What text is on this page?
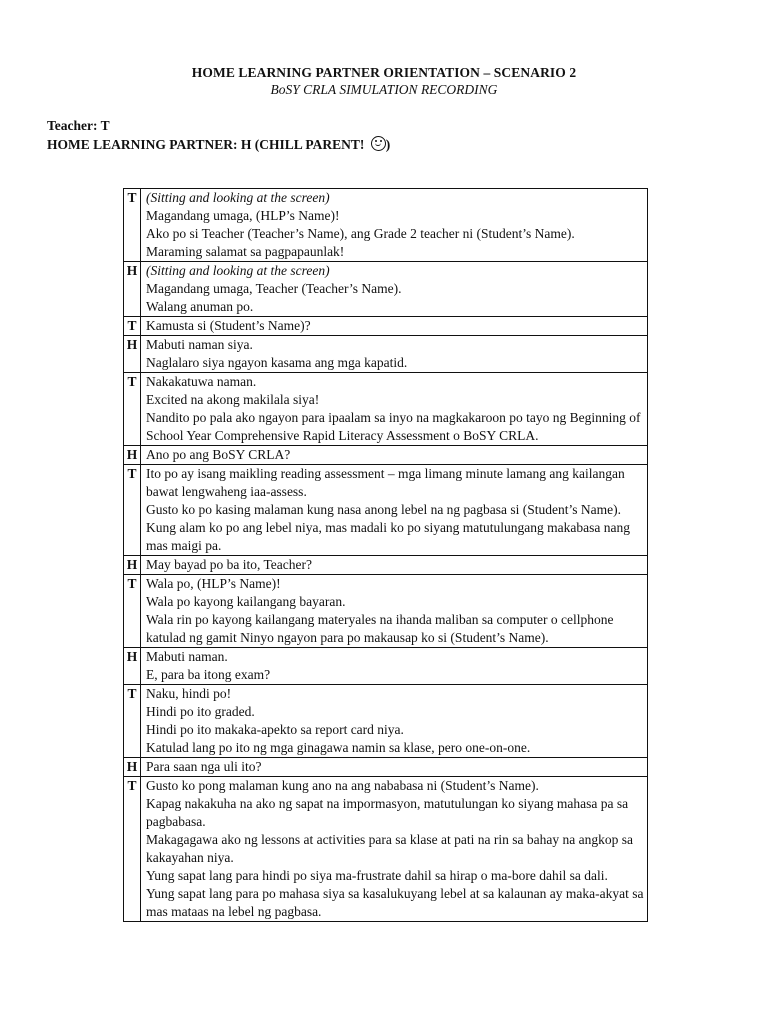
HOME LEARNING PARTNER ORIENTATION – SCENARIO 2
BoSY CRLA SIMULATION RECORDING
Teacher: T
HOME LEARNING PARTNER: H (CHILL PARENT!
)
T	(Sitting and looking at the screen)
Magandang umaga, (HLP’s Name)!
Ako po si Teacher (Teacher’s Name), ang Grade 2 teacher ni (Student’s Name).
Maraming salamat sa pagpapaunlak!

H	(Sitting and looking at the screen)
Magandang umaga, Teacher (Teacher’s Name).
Walang anuman po.

T	Kamusta si (Student’s Name)?

H	Mabuti naman siya.
Naglalaro siya ngayon kasama ang mga kapatid.

T	Nakakatuwa naman.
Excited na akong makilala siya!
Nandito po pala ako ngayon para ipaalam sa inyo na magkakaroon po tayo ng Beginning of School Year Comprehensive Rapid Literacy Assessment o BoSY CRLA.

H	Ano po ang BoSY CRLA?

T	Ito po ay isang maikling reading assessment – mga limang minute lamang ang kailangan bawat lengwaheng iaa-assess.
Gusto ko po kasing malaman kung nasa anong lebel na ng pagbasa si (Student’s Name). Kung alam ko po ang lebel niya, mas madali ko po siyang matutulungang makabasa nang mas maigi pa.

H	May bayad po ba ito, Teacher?

T	Wala po, (HLP’s Name)!
Wala po kayong kailangang bayaran.
Wala rin po kayong kailangang materyales na ihanda maliban sa computer o cellphone katulad ng gamit Ninyo ngayon para po makausap ko si (Student’s Name).

H	Mabuti naman.
E, para ba itong exam?

T	Naku, hindi po!
Hindi po ito graded.
Hindi po ito makaka-apekto sa report card niya.
Katulad lang po ito ng mga ginagawa namin sa klase, pero one-on-one.

H	Para saan nga uli ito?

T	Gusto ko pong malaman kung ano na ang nababasa ni (Student’s Name).
Kapag nakakuha na ako ng sapat na impormasyon, matutulungan ko siyang mahasa pa sa pagbabasa.
Makagagawa ako ng lessons at activities para sa klase at pati na rin sa bahay na angkop sa kakayahan niya.
Yung sapat lang para hindi po siya ma-frustrate dahil sa hirap o ma-bore dahil sa dali.
Yung sapat lang para po mahasa siya sa kasalukuyang lebel at sa kalaunan ay maka-akyat sa mas mataas na lebel ng pagbasa.
